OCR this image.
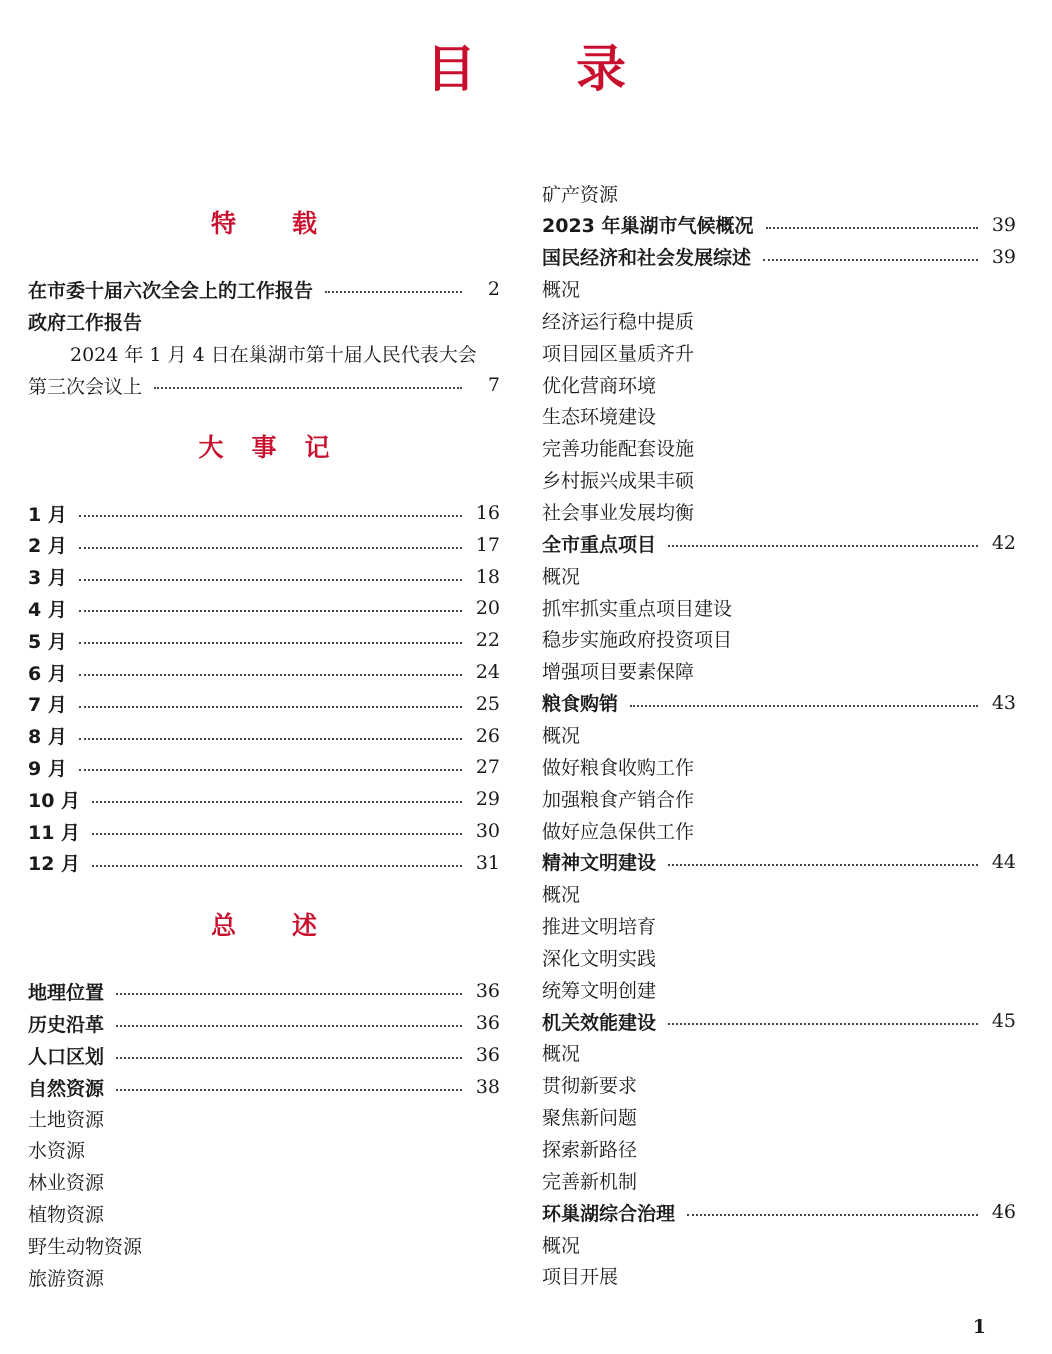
目 录
特 载
在市委十届六次全会上的工作报告	2
政府工作报告
2024 年 1 月 4 日在巢湖市第十届人民代表大会
第三次会议上	7
大 事 记
1 月	16
2 月	17
3 月	18
4 月	20
5 月	22
6 月	24
7 月	25
8 月	26
9 月	27
10 月	29
11 月	30
12 月	31
总 述
地理位置	36
历史沿革	36
人口区划	36
自然资源	38
土地资源
水资源
林业资源
植物资源
野生动物资源
旅游资源
矿产资源
2023 年巢湖市气候概况	39
国民经济和社会发展综述	39
概况
经济运行稳中提质
项目园区量质齐升
优化营商环境
生态环境建设
完善功能配套设施
乡村振兴成果丰硕
社会事业发展均衡
全市重点项目	42
概况
抓牢抓实重点项目建设
稳步实施政府投资项目
增强项目要素保障
粮食购销	43
概况
做好粮食收购工作
加强粮食产销合作
做好应急保供工作
精神文明建设	44
概况
推进文明培育
深化文明实践
统筹文明创建
机关效能建设	45
概况
贯彻新要求
聚焦新问题
探索新路径
完善新机制
环巢湖综合治理	46
概况
项目开展
1
